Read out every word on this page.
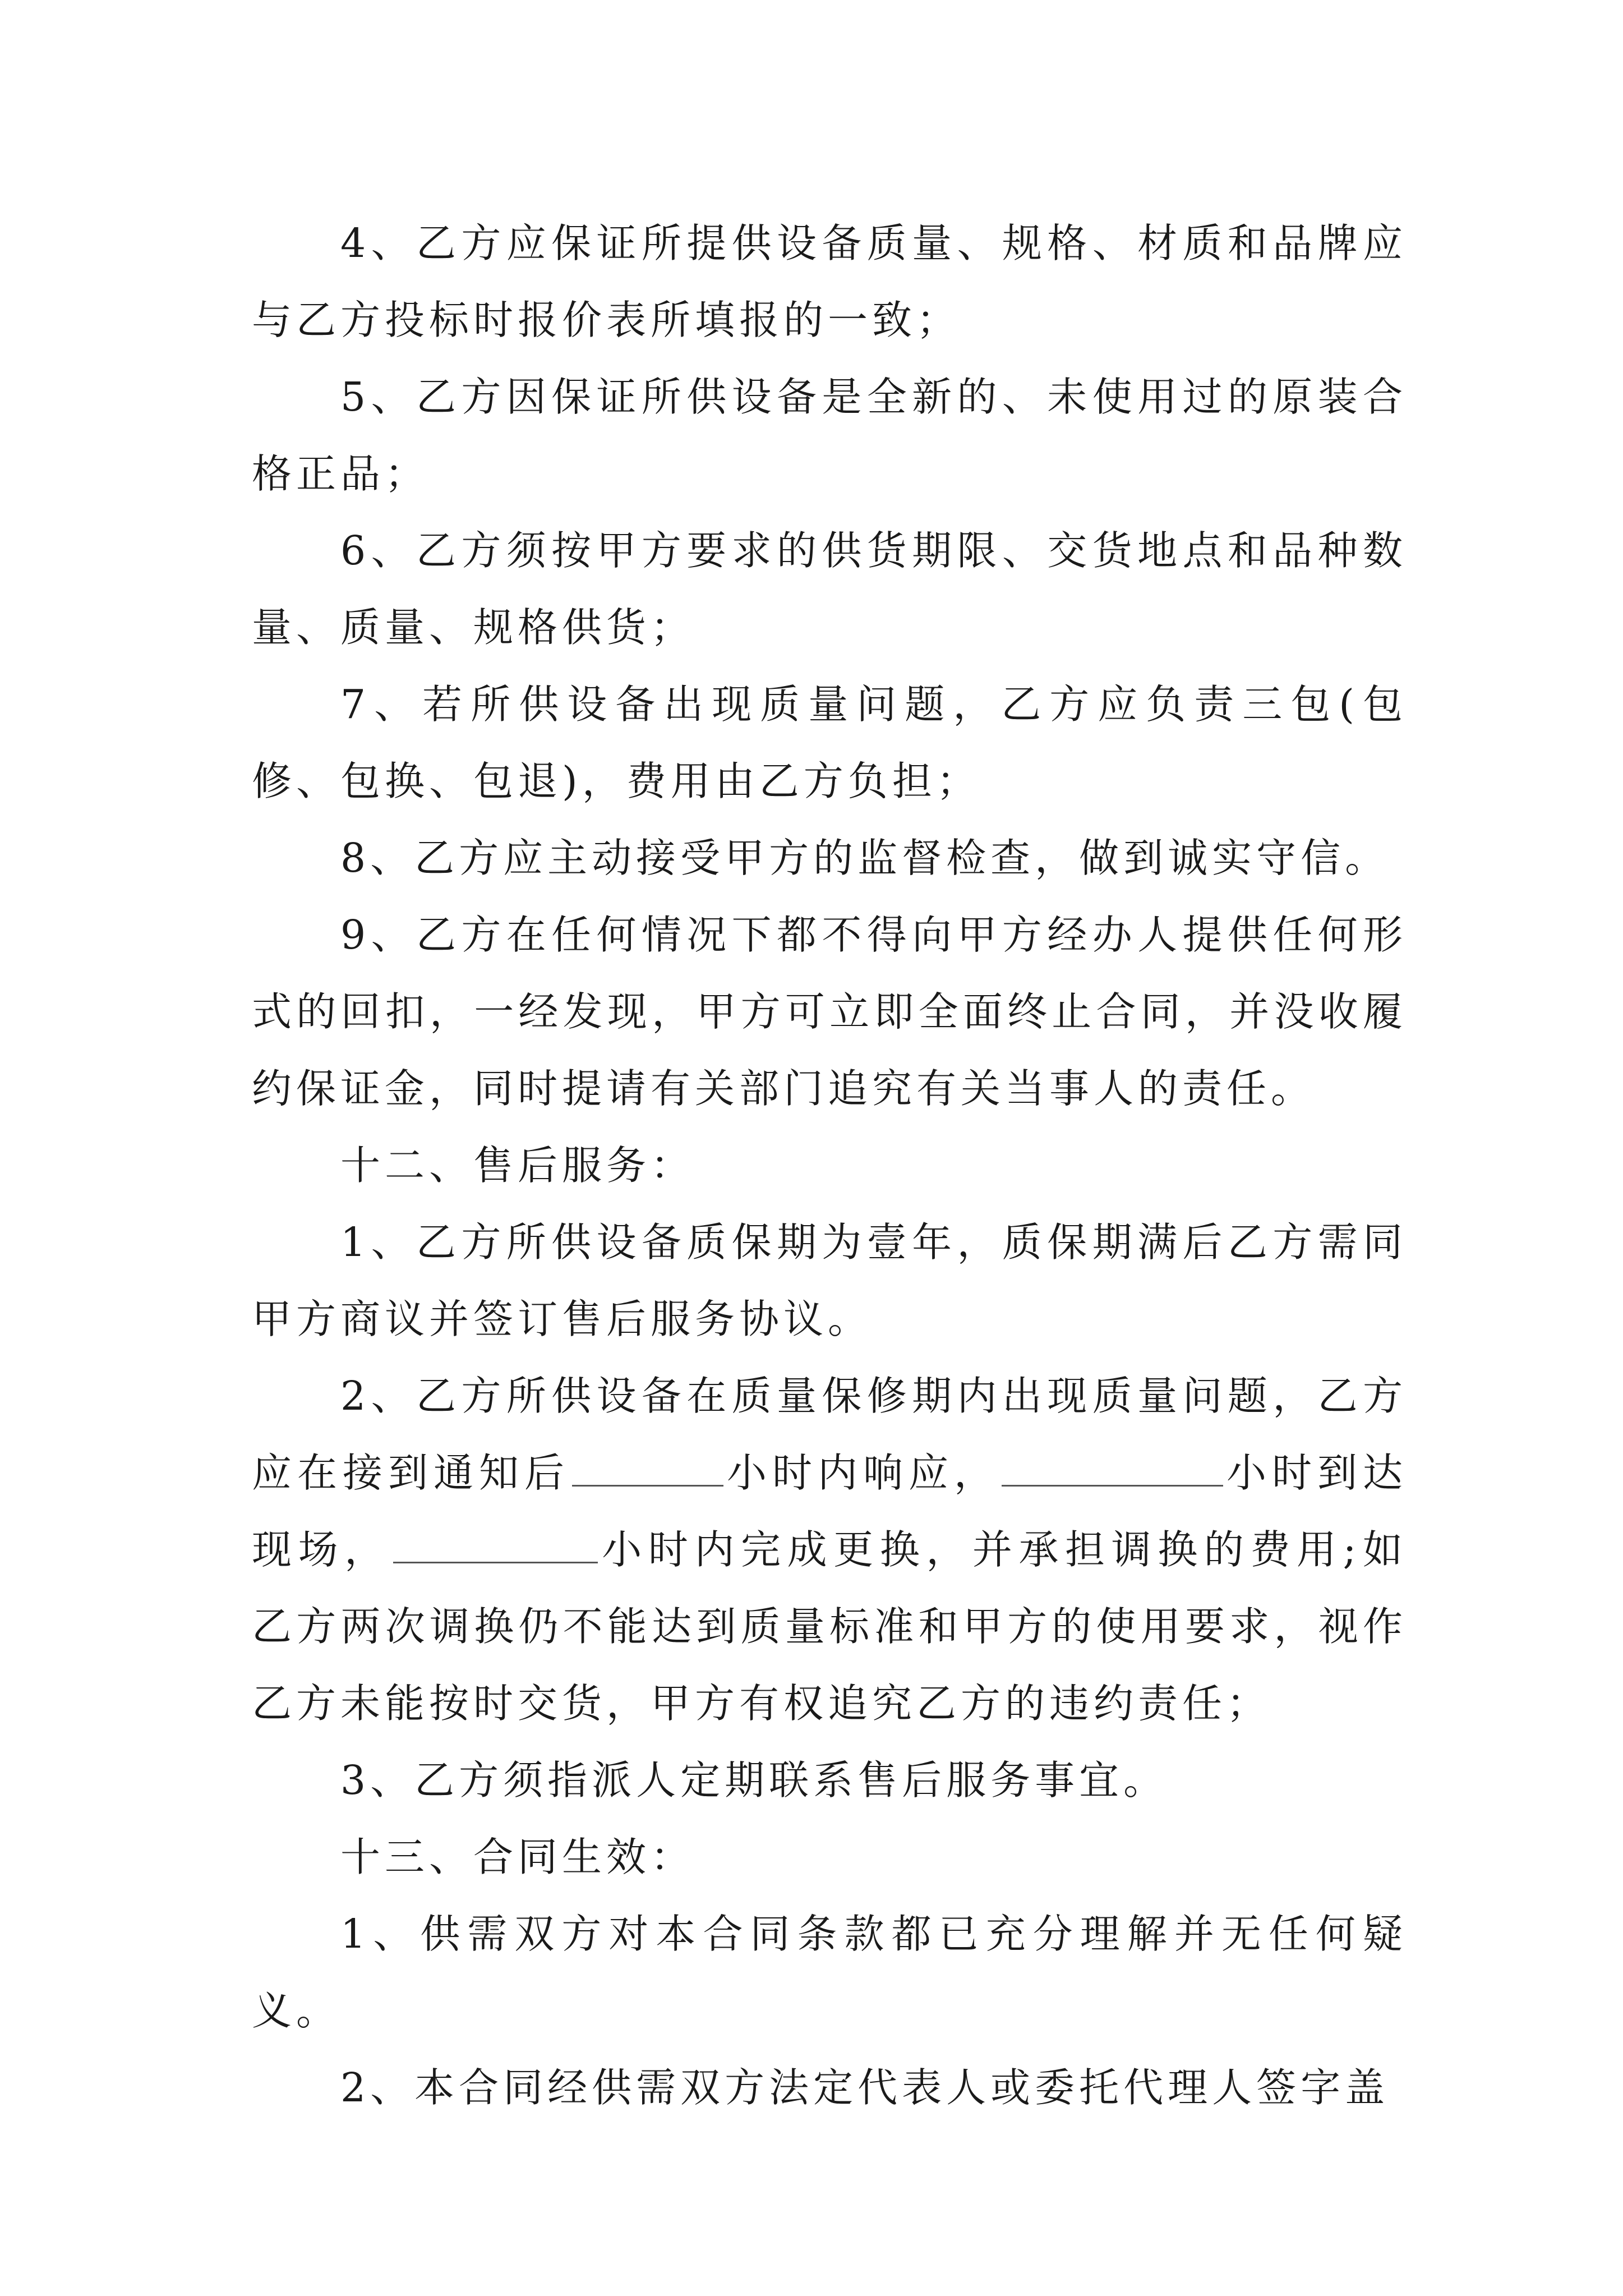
4、乙方应保证所提供设备质量、规格、材质和品牌应与乙方投标时报价表所填报的一致；

5、乙方因保证所供设备是全新的、未使用过的原装合格正品；

6、乙方须按甲方要求的供货期限、交货地点和品种数量、质量、规格供货；

7、若所供设备出现质量问题，乙方应负责三包(包修、包换、包退)，费用由乙方负担；

8、乙方应主动接受甲方的监督检查，做到诚实守信。

9、乙方在任何情况下都不得向甲方经办人提供任何形式的回扣，一经发现，甲方可立即全面终止合同，并没收履约保证金，同时提请有关部门追究有关当事人的责任。

十二、售后服务：

1、乙方所供设备质保期为壹年，质保期满后乙方需同甲方商议并签订售后服务协议。

2、乙方所供设备在质量保修期内出现质量问题，乙方应在接到通知后	小时内响应，	小时到达现场，	小时内完成更换，并承担调换的费用;如乙方两次调换仍不能达到质量标准和甲方的使用要求，视作乙方未能按时交货，甲方有权追究乙方的违约责任；

3、乙方须指派人定期联系售后服务事宜。

十三、合同生效：

1、供需双方对本合同条款都已充分理解并无任何疑义。

2、本合同经供需双方法定代表人或委托代理人签字盖
